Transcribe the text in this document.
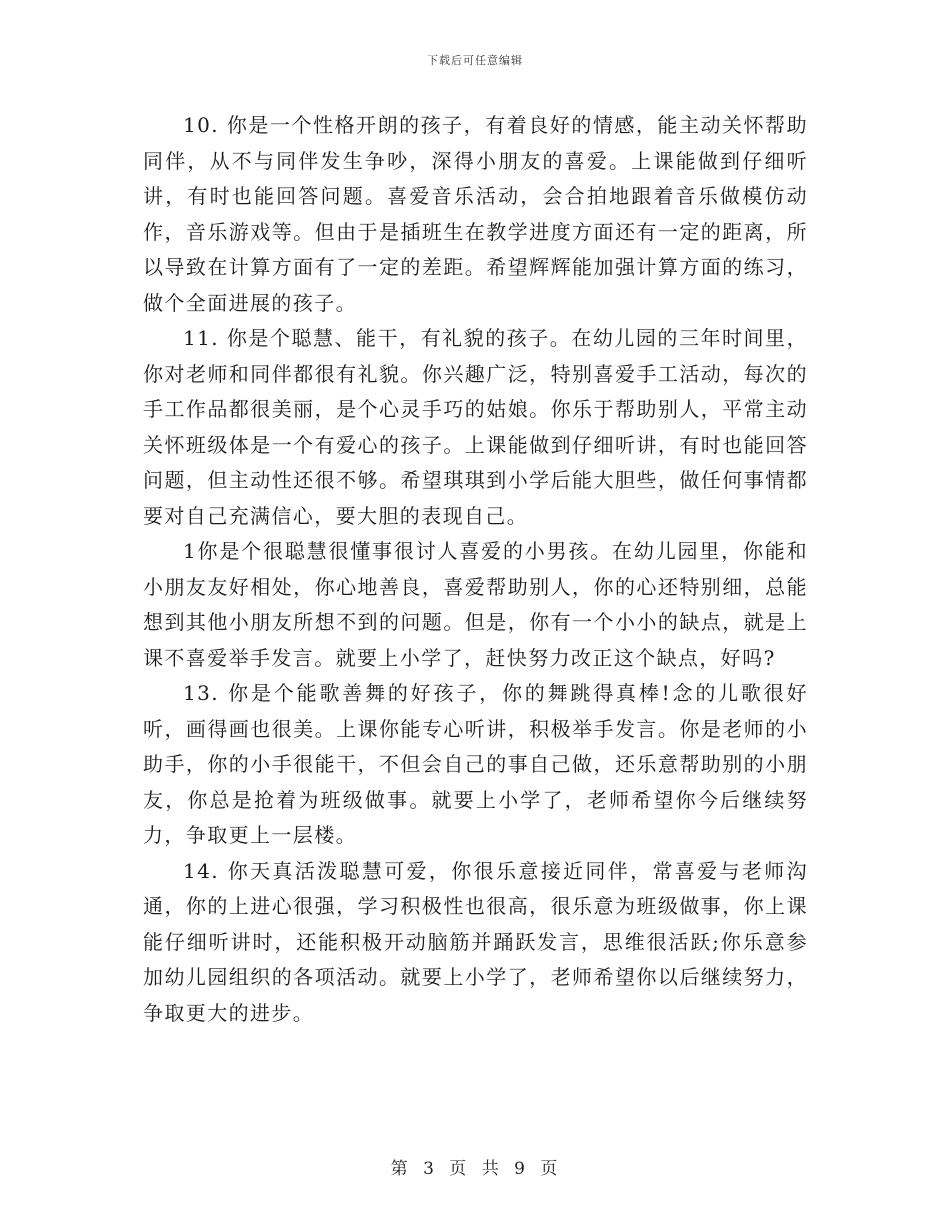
下载后可任意编辑

10. 你是一个性格开朗的孩子，有着良好的情感，能主动关怀帮助同伴，从不与同伴发生争吵，深得小朋友的喜爱。上课能做到仔细听讲，有时也能回答问题。喜爱音乐活动，会合拍地跟着音乐做模仿动作，音乐游戏等。但由于是插班生在教学进度方面还有一定的距离，所以导致在计算方面有了一定的差距。希望辉辉能加强计算方面的练习，做个全面进展的孩子。

11. 你是个聪慧、能干，有礼貌的孩子。在幼儿园的三年时间里，你对老师和同伴都很有礼貌。你兴趣广泛，特别喜爱手工活动，每次的手工作品都很美丽，是个心灵手巧的姑娘。你乐于帮助别人，平常主动关怀班级体是一个有爱心的孩子。上课能做到仔细听讲，有时也能回答问题，但主动性还很不够。希望琪琪到小学后能大胆些，做任何事情都要对自己充满信心，要大胆的表现自己。

1你是个很聪慧很懂事很讨人喜爱的小男孩。在幼儿园里，你能和小朋友友好相处，你心地善良，喜爱帮助别人，你的心还特别细，总能想到其他小朋友所想不到的问题。但是，你有一个小小的缺点，就是上课不喜爱举手发言。就要上小学了，赶快努力改正这个缺点，好吗?

13. 你是个能歌善舞的好孩子，你的舞跳得真棒!念的儿歌很好听，画得画也很美。上课你能专心听讲，积极举手发言。你是老师的小助手，你的小手很能干，不但会自己的事自己做，还乐意帮助别的小朋友，你总是抢着为班级做事。就要上小学了，老师希望你今后继续努力，争取更上一层楼。

14. 你天真活泼聪慧可爱，你很乐意接近同伴，常喜爱与老师沟通，你的上进心很强，学习积极性也很高，很乐意为班级做事，你上课能仔细听讲时，还能积极开动脑筋并踊跃发言，思维很活跃;你乐意参加幼儿园组织的各项活动。就要上小学了，老师希望你以后继续努力，争取更大的进步。

第 3 页 共 9 页
